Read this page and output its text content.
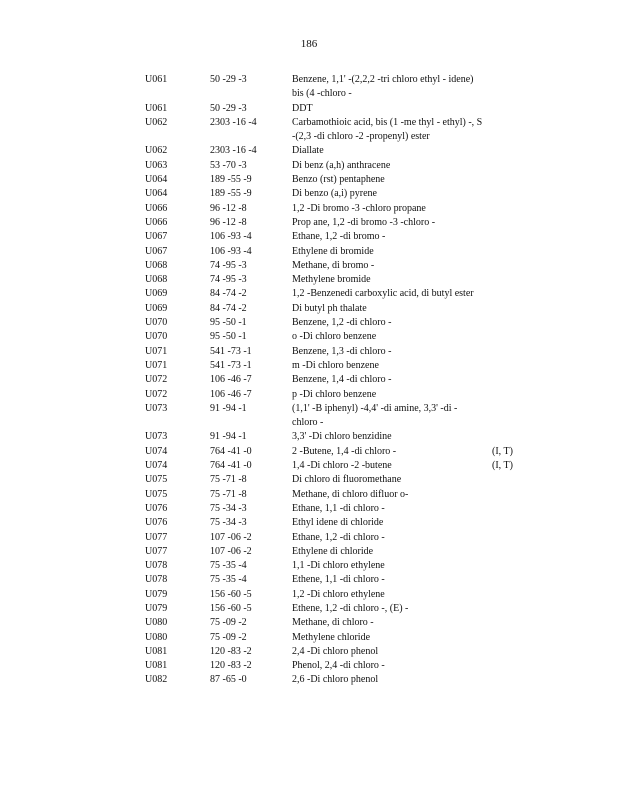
186
U061	50 -29 -3	Benzene, 1,1' -(2,2,2 -tri chloro ethyl - idene) bis (4 -chloro -
U061	50 -29 -3	DDT
U062	2303 -16 -4	Carbamothioic acid, bis (1 -me thyl - ethyl) -, S -(2,3 -di chloro -2 -propenyl) ester
U062	2303 -16 -4	Diallate
U063	53 -70 -3	Di benz (a,h) anthracene
U064	189 -55 -9	Benzo (rst) pentaphene
U064	189 -55 -9	Di benzo (a,i) pyrene
U066	96 -12 -8	1,2 -Di bromo -3 -chloro propane
U066	96 -12 -8	Prop ane, 1,2 -di bromo -3 -chloro -
U067	106 -93 -4	Ethane, 1,2 -di bromo -
U067	106 -93 -4	Ethylene di bromide
U068	74 -95 -3	Methane, di bromo -
U068	74 -95 -3	Methylene bromide
U069	84 -74 -2	1,2 -Benzenedi carboxylic acid, di butyl ester
U069	84 -74 -2	Di butyl ph thalate
U070	95 -50 -1	Benzene, 1,2 -di chloro -
U070	95 -50 -1	o -Di chloro benzene
U071	541 -73 -1	Benzene, 1,3 -di chloro -
U071	541 -73 -1	m -Di chloro benzene
U072	106 -46 -7	Benzene, 1,4 -di chloro -
U072	106 -46 -7	p -Di chloro benzene
U073	91 -94 -1	(1,1' -B iphenyl) -4,4' -di amine, 3,3' -di - chloro -
U073	91 -94 -1	3,3' -Di chloro benzidine
U074	764 -41 -0	2 -Butene, 1,4 -di chloro -	(I, T)
U074	764 -41 -0	1,4 -Di chloro -2 -butene	(I, T)
U075	75 -71 -8	Di chloro di fluoromethane
U075	75 -71 -8	Methane, di chloro difluor o-
U076	75 -34 -3	Ethane, 1,1 -di chloro -
U076	75 -34 -3	Ethyl idene di chloride
U077	107 -06 -2	Ethane, 1,2 -di chloro -
U077	107 -06 -2	Ethylene di chloride
U078	75 -35 -4	1,1 -Di chloro ethylene
U078	75 -35 -4	Ethene, 1,1 -di chloro -
U079	156 -60 -5	1,2 -Di chloro ethylene
U079	156 -60 -5	Ethene, 1,2 -di chloro -, (E) -
U080	75 -09 -2	Methane, di chloro -
U080	75 -09 -2	Methylene chloride
U081	120 -83 -2	2,4 -Di chloro phenol
U081	120 -83 -2	Phenol, 2,4 -di chloro -
U082	87 -65 -0	2,6 -Di chloro phenol
